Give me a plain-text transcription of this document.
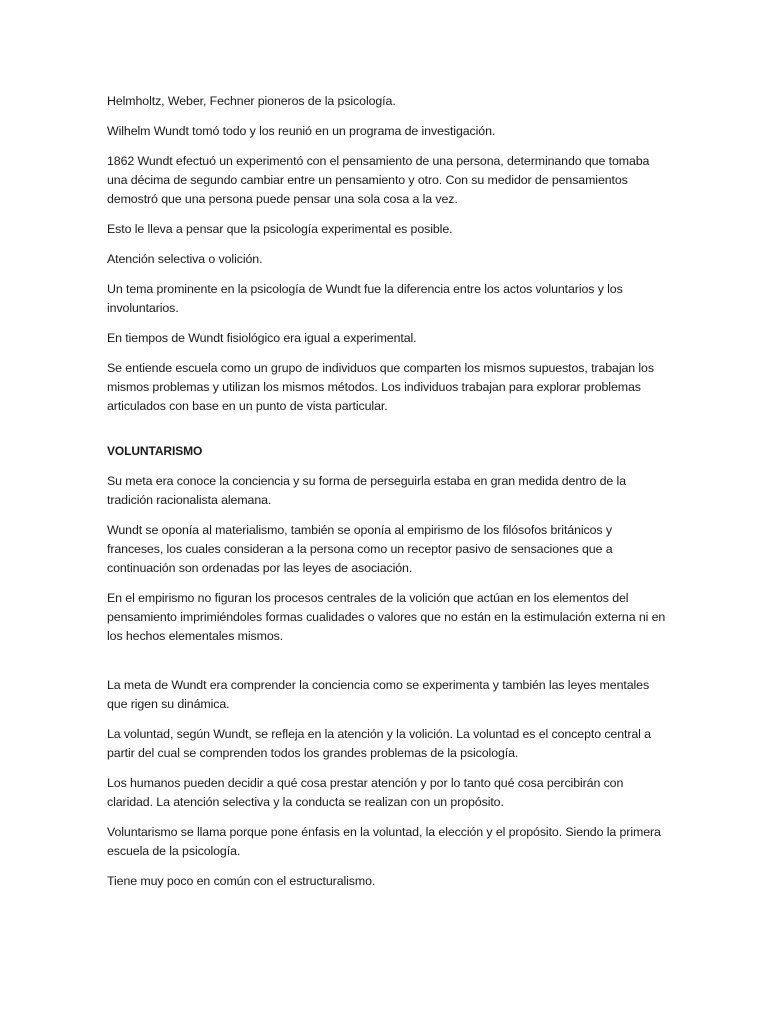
Helmholtz, Weber, Fechner pioneros de la psicología.

Wilhelm Wundt tomó todo y los reunió en un programa de investigación.

1862 Wundt efectuó un experimentó con el pensamiento de una persona, determinando que tomaba una décima de segundo cambiar entre un pensamiento y otro. Con su medidor de pensamientos demostró que una persona puede pensar una sola cosa a la vez.

Esto le lleva a pensar que la psicología experimental es posible.

Atención selectiva o volición.

Un tema prominente en la psicología de Wundt fue la diferencia entre los actos voluntarios y los involuntarios.

En tiempos de Wundt fisiológico era igual a experimental.

Se entiende escuela como un grupo de individuos que comparten los mismos supuestos, trabajan los mismos problemas y utilizan los mismos métodos. Los individuos trabajan para explorar problemas articulados con base en un punto de vista particular.

VOLUNTARISMO

Su meta era conoce la conciencia y su forma de perseguirla estaba en gran medida dentro de la tradición racionalista alemana.

Wundt se oponía al materialismo, también se oponía al empirismo de los filósofos británicos y franceses, los cuales consideran a la persona como un receptor pasivo de sensaciones que a continuación son ordenadas por las leyes de asociación.

En el empirismo no figuran los procesos centrales de la volición que actúan en los elementos del pensamiento imprimiéndoles formas cualidades o valores que no están en la estimulación externa ni en los hechos elementales mismos.

La meta de Wundt era comprender la conciencia como se experimenta y también las leyes mentales que rigen su dinámica.

La voluntad, según Wundt, se refleja en la atención y la volición. La voluntad es el concepto central a partir del cual se comprenden todos los grandes problemas de la psicología.

Los humanos pueden decidir a qué cosa prestar atención y por lo tanto qué cosa percibirán con claridad. La atención selectiva y la conducta se realizan con un propósito.

Voluntarismo se llama porque pone énfasis en la voluntad, la elección y el propósito. Siendo la primera escuela de la psicología.

Tiene muy poco en común con el estructuralismo.
